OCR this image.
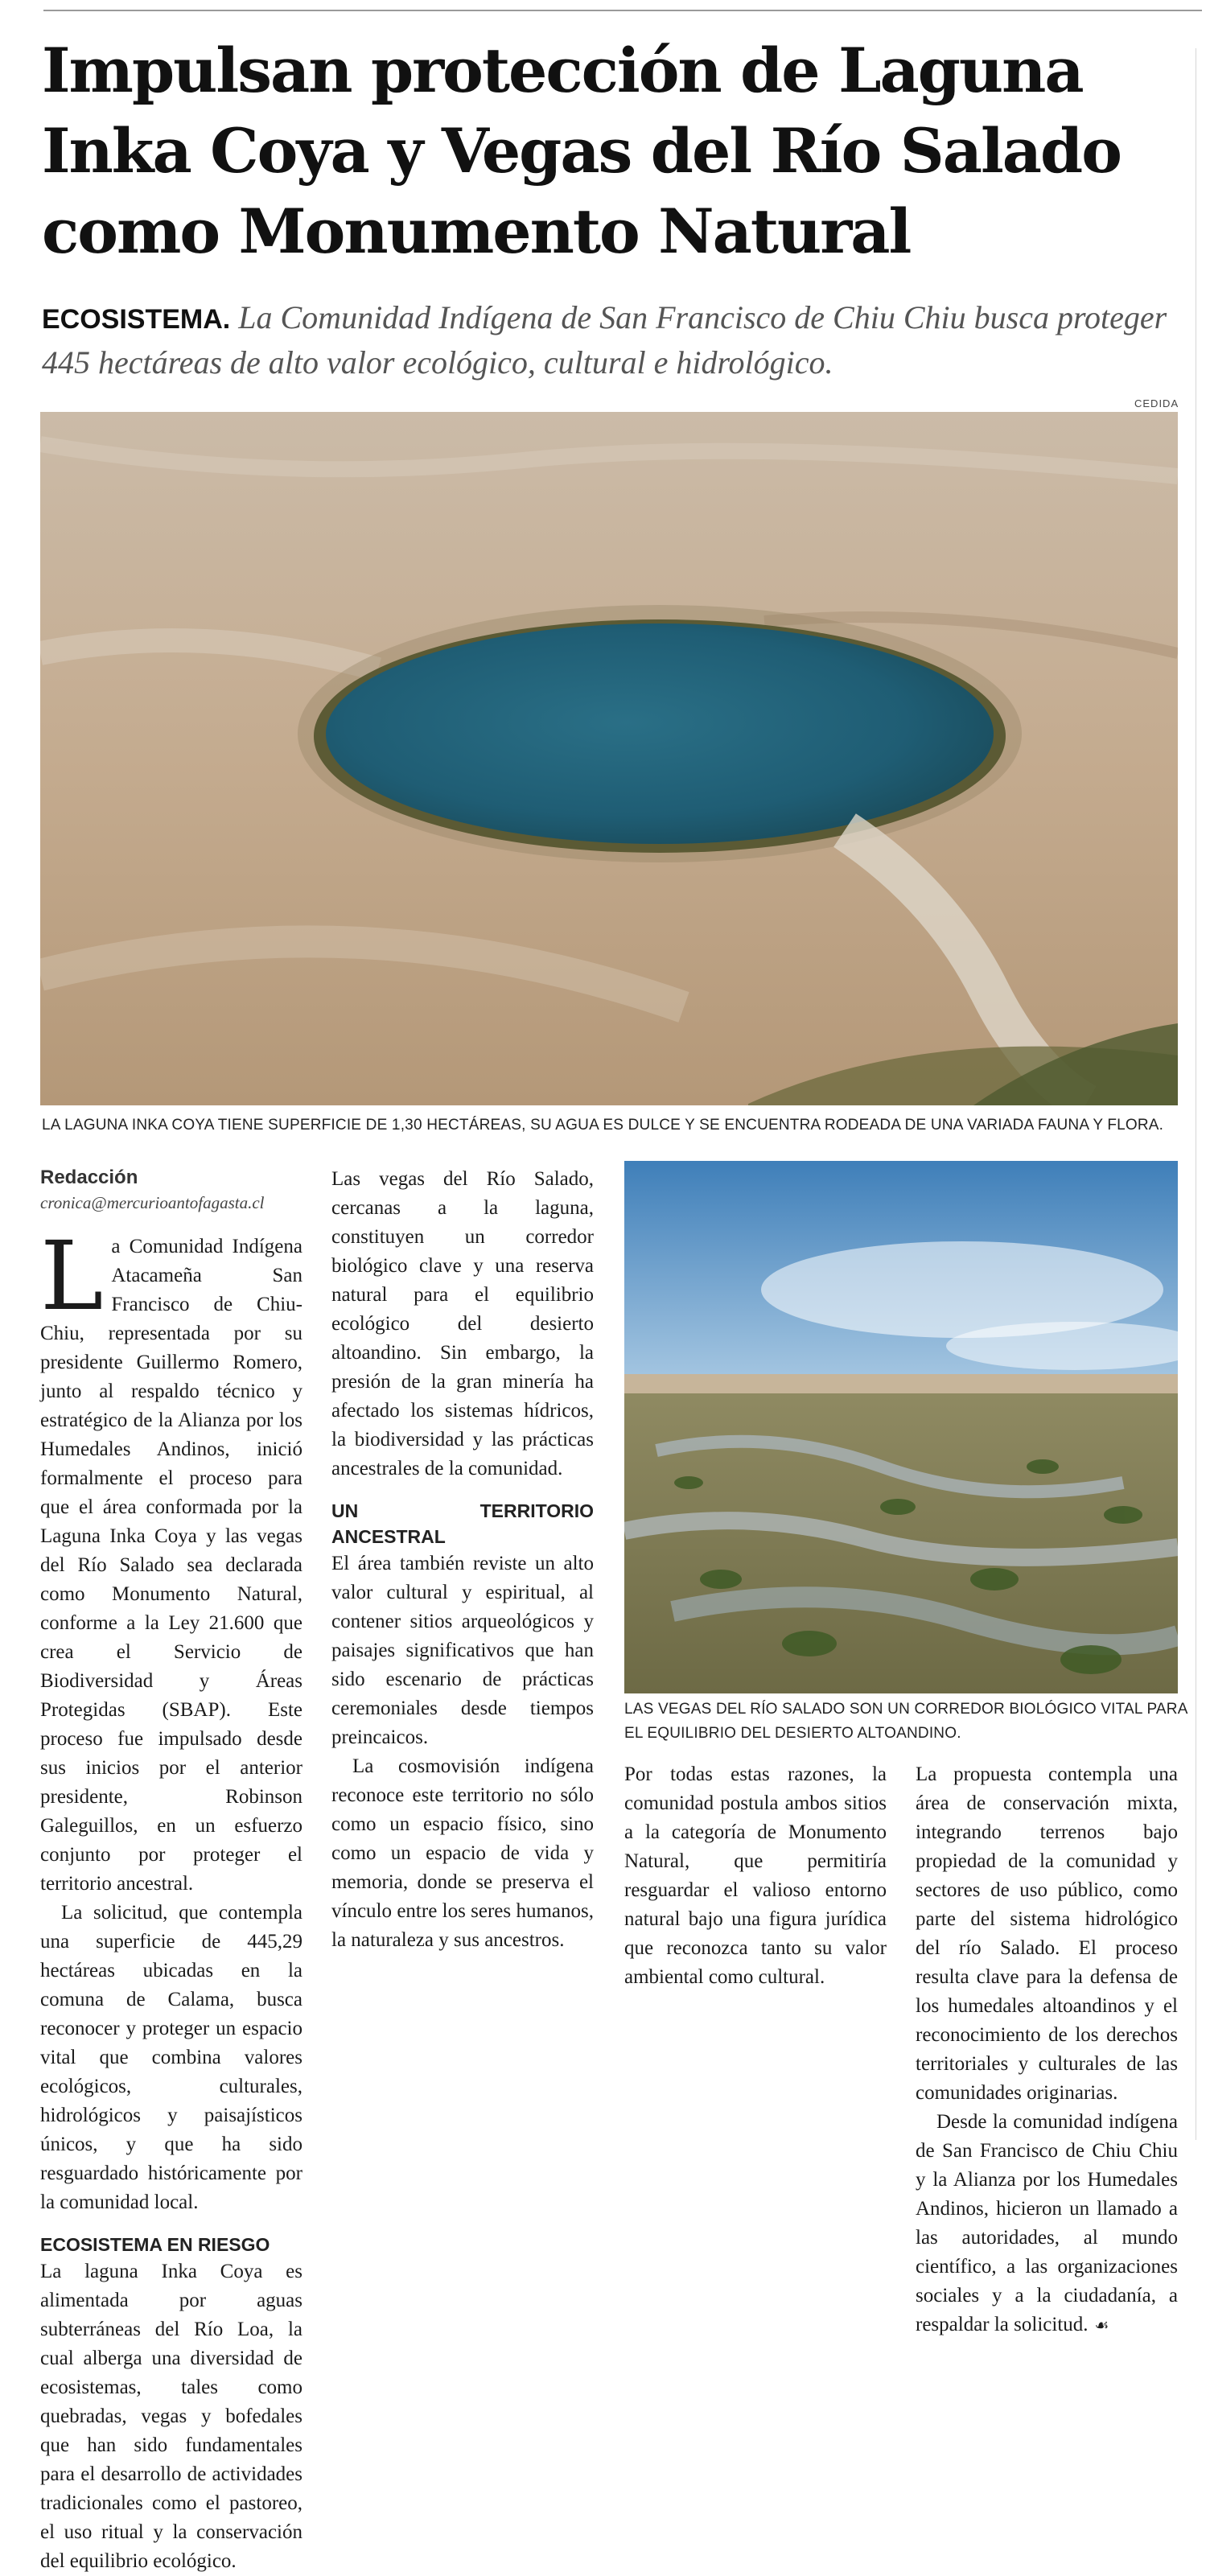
Impulsan protección de Laguna Inka Coya y Vegas del Río Salado como Monumento Natural
ECOSISTEMA. La Comunidad Indígena de San Francisco de Chiu Chiu busca proteger 445 hectáreas de alto valor ecológico, cultural e hidrológico.
CEDIDA
LA LAGUNA INKA COYA TIENE SUPERFICIE DE 1,30 HECTÁREAS, SU AGUA ES DULCE Y SE ENCUENTRA RODEADA DE UNA VARIADA FAUNA Y FLORA.
LAS VEGAS DEL RÍO SALADO SON UN CORREDOR BIOLÓGICO VITAL PARA EL EQUILIBRIO DEL DESIERTO ALTOANDINO.
Redacción
cronica@mercurioantofagasta.cl

La Comunidad Indígena Atacameña San Francisco de Chiu-Chiu, representada por su presidente Guillermo Romero, junto al respaldo técnico y estratégico de la Alianza por los Humedales Andinos, inició formalmente el proceso para que el área conformada por la Laguna Inka Coya y las vegas del Río Salado sea declarada como Monumento Natural, conforme a la Ley 21.600 que crea el Servicio de Biodiversidad y Áreas Protegidas (SBAP). Este proceso fue impulsado desde sus inicios por el anterior presidente, Robinson Galeguillos, en un esfuerzo conjunto por proteger el territorio ancestral.

La solicitud, que contempla una superficie de 445,29 hectáreas ubicadas en la comuna de Calama, busca reconocer y proteger un espacio vital que combina valores ecológicos, culturales, hidrológicos y paisajísticos únicos, y que ha sido resguardado históricamente por la comunidad local.

ECOSISTEMA EN RIESGO

La laguna Inka Coya es alimentada por aguas subterráneas del Río Loa, la cual alberga una diversidad de ecosistemas, tales como quebradas, vegas y bofedales que han sido fundamentales para el desarrollo de actividades tradicionales como el pastoreo, el uso ritual y la conservación del equilibrio ecológico.

Las vegas del Río Salado, cercanas a la laguna, constituyen un corredor biológico clave y una reserva natural para el equilibrio ecológico del desierto altoandino. Sin embargo, la presión de la gran minería ha afectado los sistemas hídricos, la biodiversidad y las prácticas ancestrales de la comunidad.

UN TERRITORIO ANCESTRAL

El área también reviste un alto valor cultural y espiritual, al contener sitios arqueológicos y paisajes significativos que han sido escenario de prácticas ceremoniales desde tiempos preincaicos.

La cosmovisión indígena reconoce este territorio no sólo como un espacio físico, sino como un espacio de vida y memoria, donde se preserva el vínculo entre los seres humanos, la naturaleza y sus ancestros.

Por todas estas razones, la comunidad postula ambos sitios a la categoría de Monumento Natural, que permitiría resguardar el valioso entorno natural bajo una figura jurídica que reconozca tanto su valor ambiental como cultural.

La propuesta contempla una área de conservación mixta, integrando terrenos bajo propiedad de la comunidad y sectores de uso público, como parte del sistema hidrológico del río Salado. El proceso resulta clave para la defensa de los humedales altoandinos y el reconocimiento de los derechos territoriales y culturales de las comunidades originarias.

Desde la comunidad indígena de San Francisco de Chiu Chiu y la Alianza por los Humedales Andinos, hicieron un llamado a las autoridades, al mundo científico, a las organizaciones sociales y a la ciudadanía, a respaldar la solicitud. ☙
